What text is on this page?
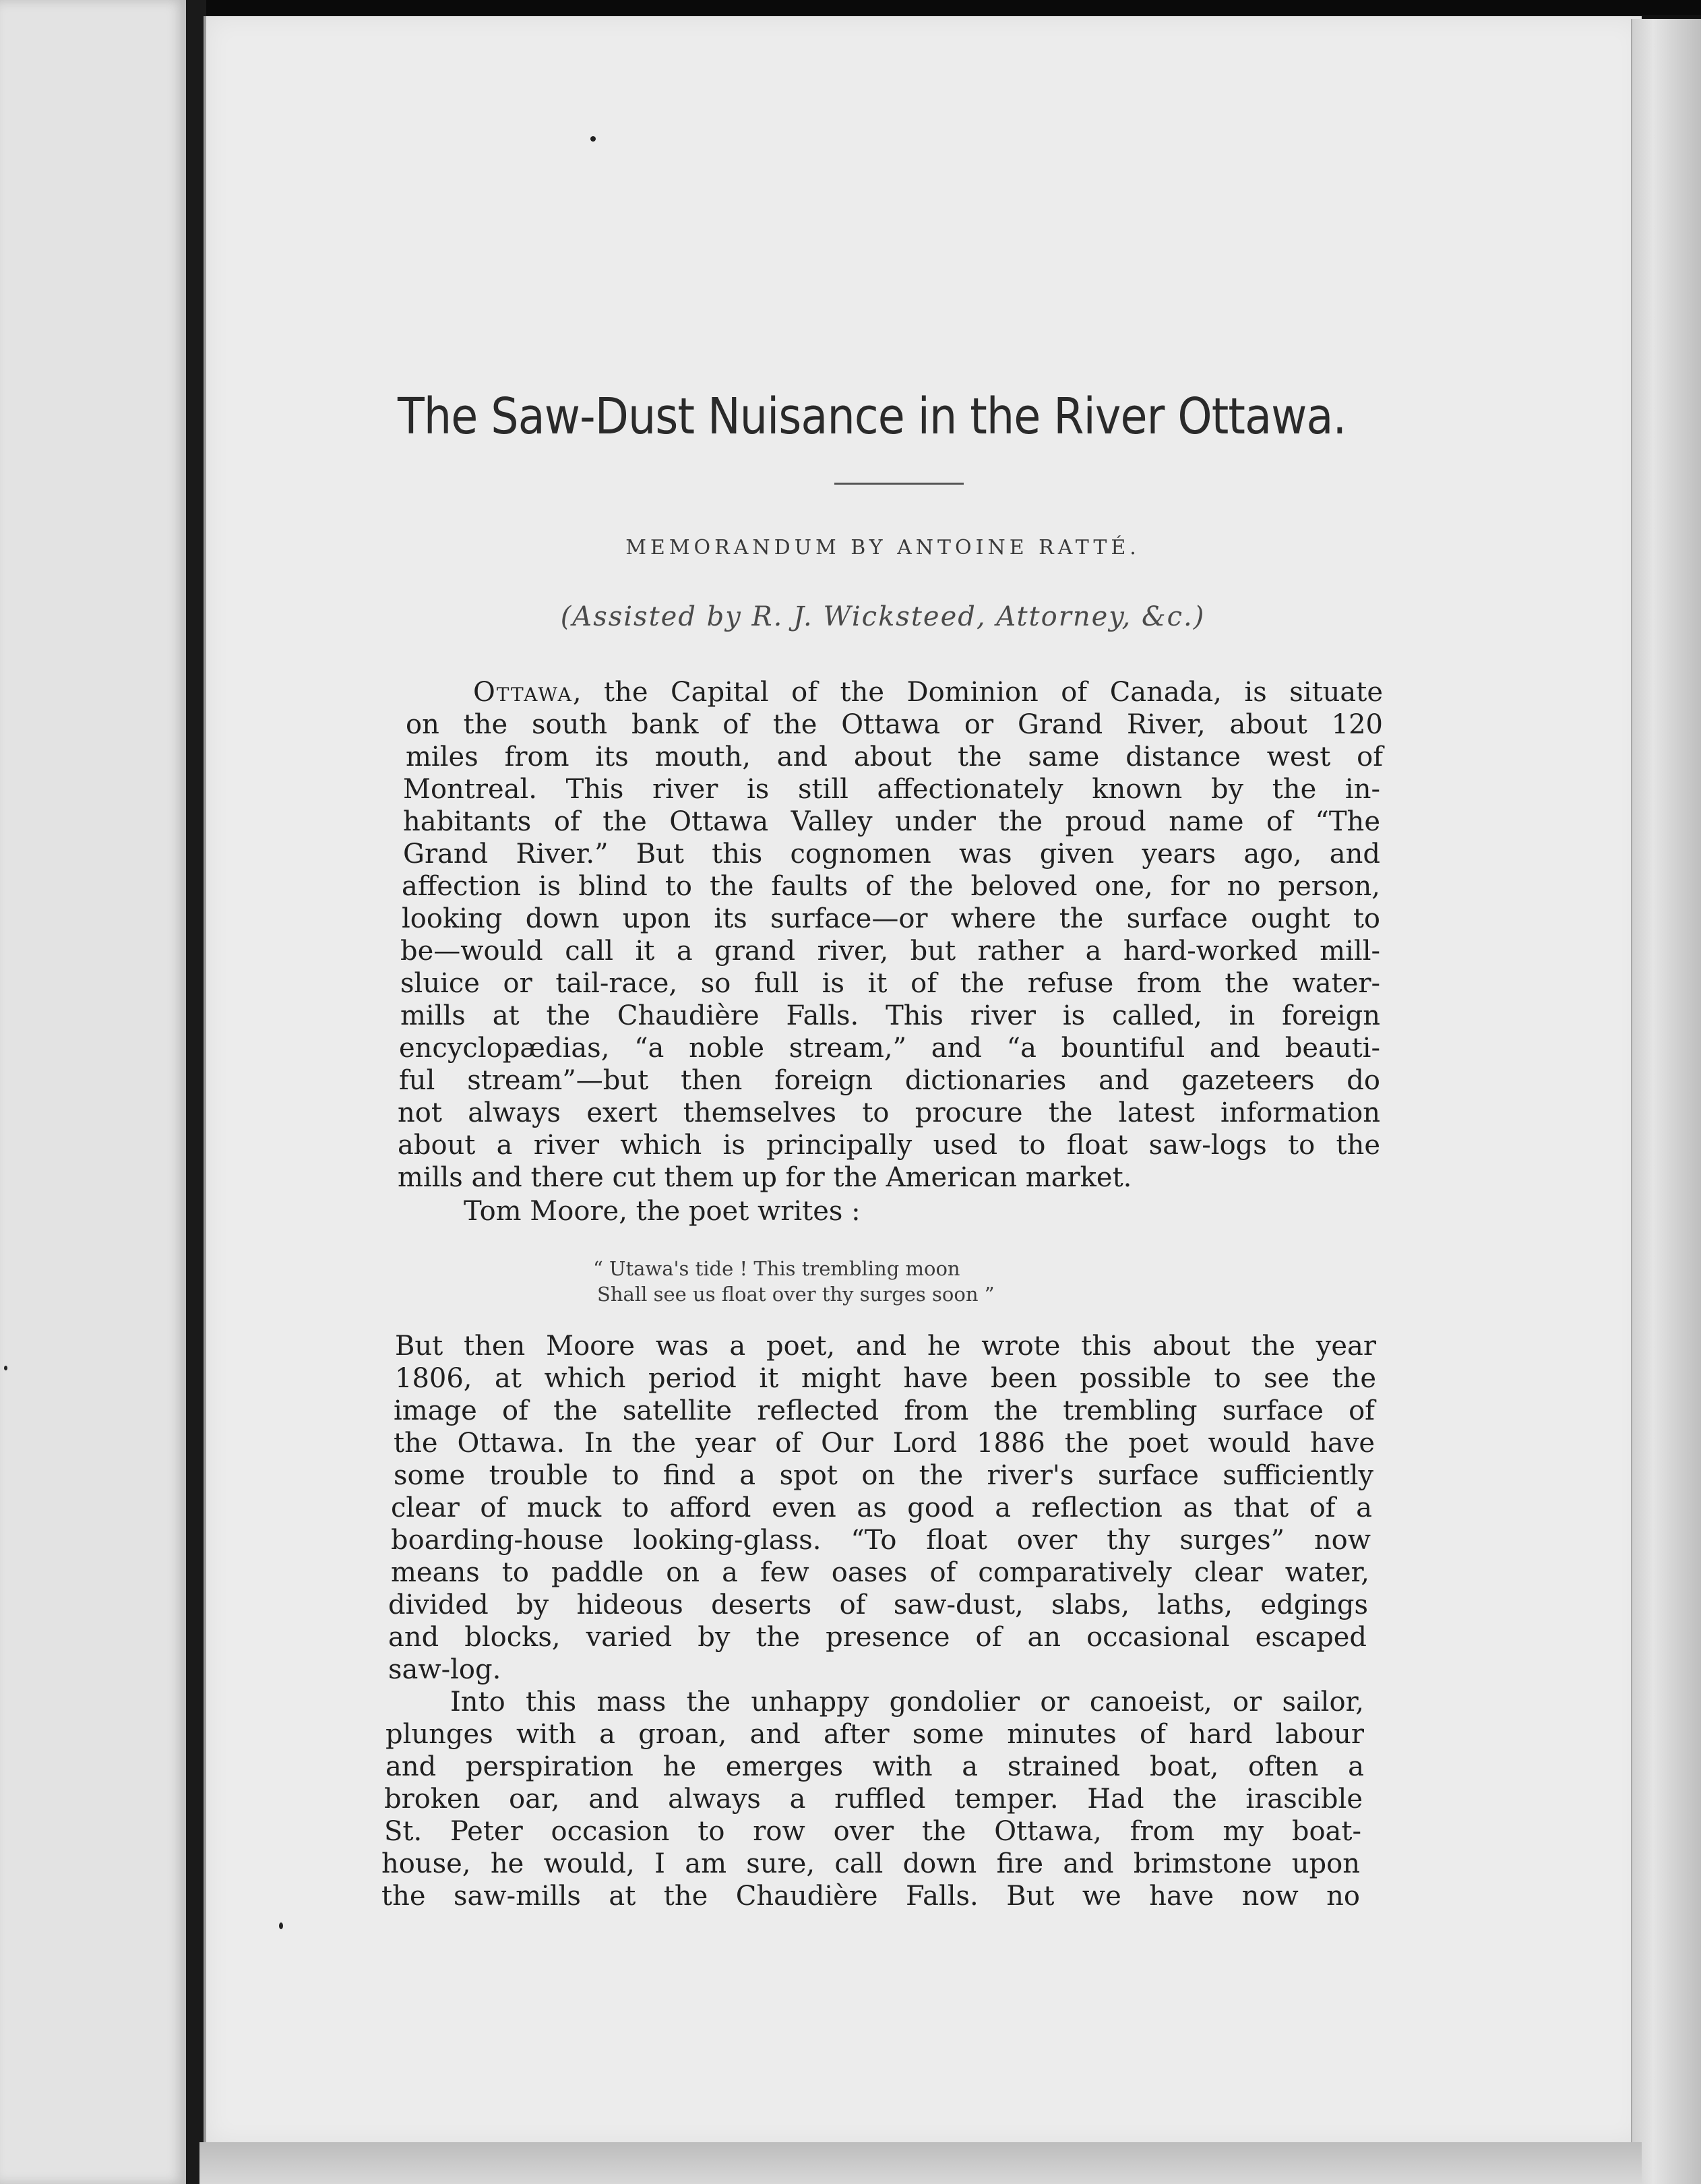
The Saw-Dust Nuisance in the River Ottawa.
MEMORANDUM BY ANTOINE RATTÉ.
(Assisted by R. J. Wicksteed, Attorney, &c.)
Ottawa, the Capital of the Dominion of Canada, is situate
on the south bank of the Ottawa or Grand River, about 120
miles from its mouth, and about the same distance west of
Montreal. This river is still affectionately known by the in-
habitants of the Ottawa Valley under the proud name of “The
Grand River.” But this cognomen was given years ago, and
affection is blind to the faults of the beloved one, for no person,
looking down upon its surface—or where the surface ought to
be—would call it a grand river, but rather a hard-worked mill-
sluice or tail-race, so full is it of the refuse from the water-
mills at the Chaudière Falls. This river is called, in foreign
encyclopædias, “a noble stream,” and “a bountiful and beauti-
ful stream”—but then foreign dictionaries and gazeteers do
not always exert themselves to procure the latest information
about a river which is principally used to float saw-logs to the
mills and there cut them up for the American market.
Tom Moore, the poet writes :
“ Utawa's tide ! This trembling moon
Shall see us float over thy surges soon ”
But then Moore was a poet, and he wrote this about the year
1806, at which period it might have been possible to see the
image of the satellite reflected from the trembling surface of
the Ottawa. In the year of Our Lord 1886 the poet would have
some trouble to find a spot on the river's surface sufficiently
clear of muck to afford even as good a reflection as that of a
boarding-house looking-glass. “To float over thy surges” now
means to paddle on a few oases of comparatively clear water,
divided by hideous deserts of saw-dust, slabs, laths, edgings
and blocks, varied by the presence of an occasional escaped
saw-log.
Into this mass the unhappy gondolier or canoeist, or sailor,
plunges with a groan, and after some minutes of hard labour
and perspiration he emerges with a strained boat, often a
broken oar, and always a ruffled temper. Had the irascible
St. Peter occasion to row over the Ottawa, from my boat-
house, he would, I am sure, call down fire and brimstone upon
the saw-mills at the Chaudière Falls. But we have now no
